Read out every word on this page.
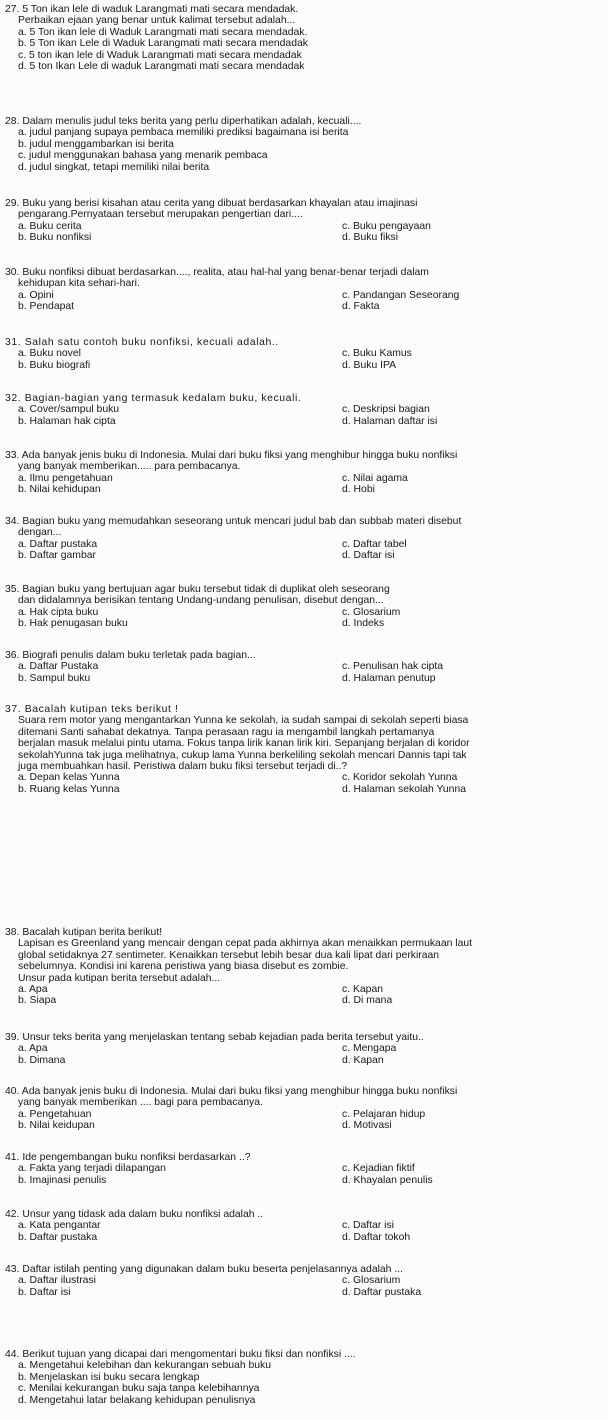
27. 5 Ton ikan lele di waduk Larangmati mati secara mendadak.
Perbaikan ejaan yang benar untuk kalimat tersebut adalah...
a. 5 Ton ikan lele di Waduk Larangmati mati secara mendadak.
b. 5 Ton ikan Lele di Waduk Larangmati mati secara mendadak
c. 5 ton ikan lele di Waduk Larangmati mati secara mendadak
d. 5 ton Ikan Lele di waduk Larangmati mati secara mendadak
28. Dalam menulis judul teks berita yang perlu diperhatikan adalah, kecuali....
a. judul panjang supaya pembaca memiliki prediksi bagaimana isi berita
b. judul menggambarkan isi berita
c. judul menggunakan bahasa yang menarik pembaca
d. judul singkat, tetapi memiliki nilai berita
29. Buku yang berisi kisahan atau cerita yang dibuat berdasarkan khayalan atau imajinasi
pengarang.Pernyataan tersebut merupakan pengertian dari....
a. Buku cerita	c. Buku pengayaan
b. Buku nonfiksi	d. Buku fiksi
30. Buku nonfiksi dibuat berdasarkan...., realita, atau hal-hal yang benar-benar terjadi dalam
kehidupan kita sehari-hari.
a. Opini	c. Pandangan Seseorang
b. Pendapat	d. Fakta
31. Salah satu contoh buku nonfiksi, kecuali adalah..
a. Buku novel	c. Buku Kamus
b. Buku biografi	d. Buku IPA
32. Bagian-bagian yang termasuk kedalam buku, kecuali.
a. Cover/sampul buku	c. Deskripsi bagian
b. Halaman hak cipta	d. Halaman daftar isi
33. Ada banyak jenis buku di Indonesia. Mulai dari buku fiksi yang menghibur hingga buku nonfiksi
yang banyak memberikan..... para pembacanya.
a. Ilmu pengetahuan	c. Nilai agama
b. Nilai kehidupan	d. Hobi
34. Bagian buku yang memudahkan seseorang untuk mencari judul bab dan subbab materi disebut
dengan...
a. Daftar pustaka	c. Daftar tabel
b. Daftar gambar	d. Daftar isi
35. Bagian buku yang bertujuan agar buku tersebut tidak di duplikat oleh seseorang
dan didalamnya berisikan tentang Undang-undang penulisan, disebut dengan...
a. Hak cipta buku	c. Glosarium
b. Hak penugasan buku	d. Indeks
36. Biografi penulis dalam buku terletak pada bagian...
a. Daftar Pustaka	c. Penulisan hak cipta
b. Sampul buku	d. Halaman penutup
37. Bacalah kutipan teks berikut !
Suara rem motor yang mengantarkan Yunna ke sekolah, ia sudah sampai di sekolah seperti biasa
ditemani Santi sahabat dekatnya. Tanpa perasaan ragu ia mengambil langkah pertamanya
berjalan masuk melalui pintu utama. Fokus tanpa lirik kanan lirik kiri. Sepanjang berjalan di koridor
sekolahYunna tak juga melihatnya, cukup lama Yunna berkeliling sekolah mencari Dannis tapi tak
juga membuahkan hasil. Peristiwa dalam buku fiksi tersebut terjadi di..?
a. Depan kelas Yunna	c. Koridor sekolah Yunna
b. Ruang kelas Yunna	d. Halaman sekolah Yunna
38. Bacalah kutipan berita berikut!
Lapisan es Greenland yang mencair dengan cepat pada akhirnya akan menaikkan permukaan laut
global setidaknya 27 sentimeter. Kenaikkan tersebut lebih besar dua kali lipat dari perkiraan
sebelumnya. Kondisi ini karena peristiwa yang biasa disebut es zombie.
Unsur pada kutipan berita tersebut adalah...
a. Apa	c. Kapan
b. Siapa	d. Di mana
39. Unsur teks berita yang menjelaskan tentang sebab kejadian pada berita tersebut yaitu..
a. Apa	c. Mengapa
b. Dimana	d. Kapan
40. Ada banyak jenis buku di Indonesia. Mulai dari buku fiksi yang menghibur hingga buku nonfiksi
yang banyak memberikan .... bagi para pembacanya.
a. Pengetahuan	c. Pelajaran hidup
b. Nilai keidupan	d. Motivasi
41. Ide pengembangan buku nonfiksi berdasarkan ..?
a. Fakta yang terjadi dilapangan	c. Kejadian fiktif
b. Imajinasi penulis	d. Khayalan penulis
42. Unsur yang tidask ada dalam buku nonfiksi adalah ..
a. Kata pengantar	c. Daftar isi
b. Daftar pustaka	d. Daftar tokoh
43. Daftar istilah penting yang digunakan dalam buku beserta penjelasannya adalah ...
a. Daftar ilustrasi	c. Glosarium
b. Daftar isi	d. Daftar pustaka
44. Berikut tujuan yang dicapai dari mengomentari buku fiksi dan nonfiksi ....
a. Mengetahui kelebihan dan kekurangan sebuah buku
b. Menjelaskan isi buku secara lengkap
c. Menilai kekurangan buku saja tanpa kelebihannya
d. Mengetahui latar belakang kehidupan penulisnya
